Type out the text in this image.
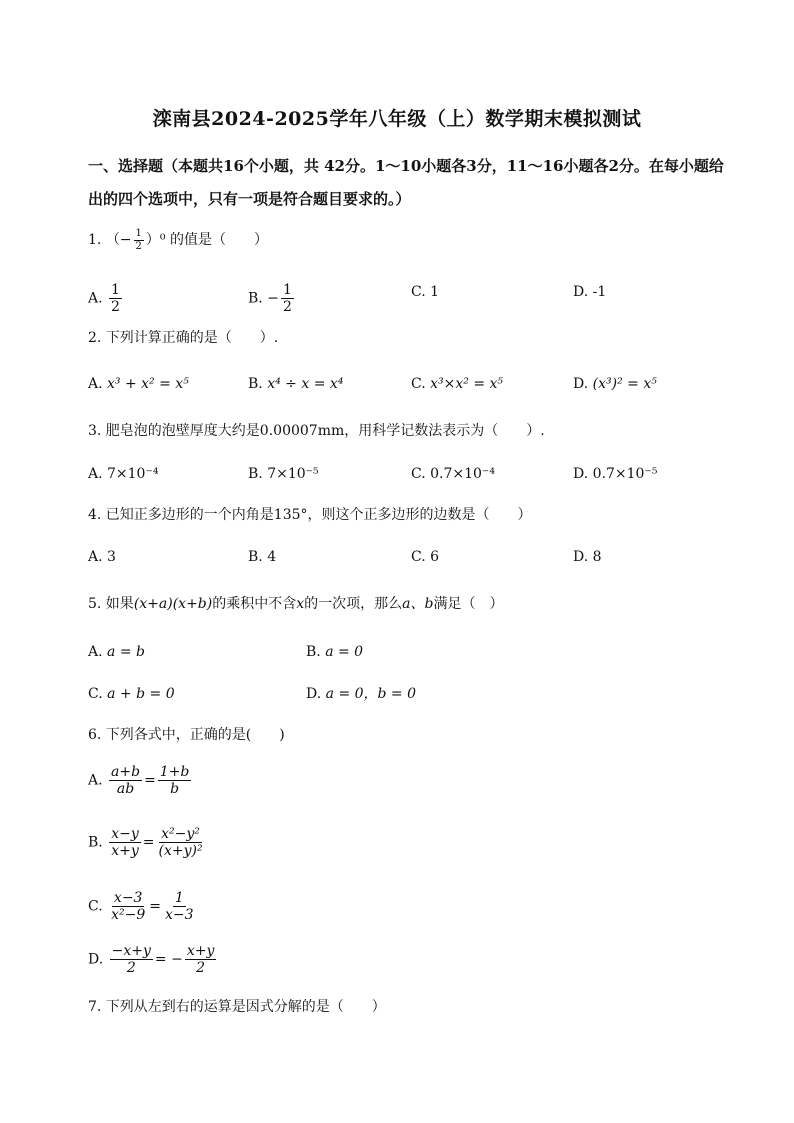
滦南县2024-2025学年八年级（上）数学期末模拟测试
一、选择题（本题共16个小题，共 42分。1～10小题各3分，11～16小题各2分。在每小题给出的四个选项中，只有一项是符合题目要求的。）
1. （− $\frac{1}{2} )^0$ 的值是（　　）
A. $\frac{1}{2}$	B. − $\frac{1}{2}$	C. 1	D. -1
2. 下列计算正确的是（　　）.
A. x³ + x² = x⁵	B. x⁴ ÷ x = x⁴	C. x³×x² = x⁵	D. (x³)² = x⁵
3. 肥皂泡的泡壁厚度大约是0.00007mm，用科学记数法表示为（　　）.
A. 7×10⁻⁴	B. 7×10⁻⁵	C. 0.7×10⁻⁴	D. 0.7×10⁻⁵
4. 已知正多边形的一个内角是135°，则这个正多边形的边数是（　　）
A. 3	B. 4	C. 6	D. 8
5. 如果(x+a)(x+b)的乘积中不含x的一次项，那么a、b满足（　）
A. a = b	B. a = 0
C. a + b = 0	D. a = 0，b = 0
6. 下列各式中，正确的是(　　)
A. $\frac{a+b}{ab} = \frac{1+b}{b}$
B. $\frac{x-y}{x+y} = \frac{\text{x²−y²}}{\text{(x+y)²}}$
C. $\frac{x-3}{\text{x²−9}} = \frac{1}{x-3}$
D. $\frac{-x+y}{2}$ = − $\frac{x+y}{2}$
7. 下列从左到右的运算是因式分解的是（　　）
